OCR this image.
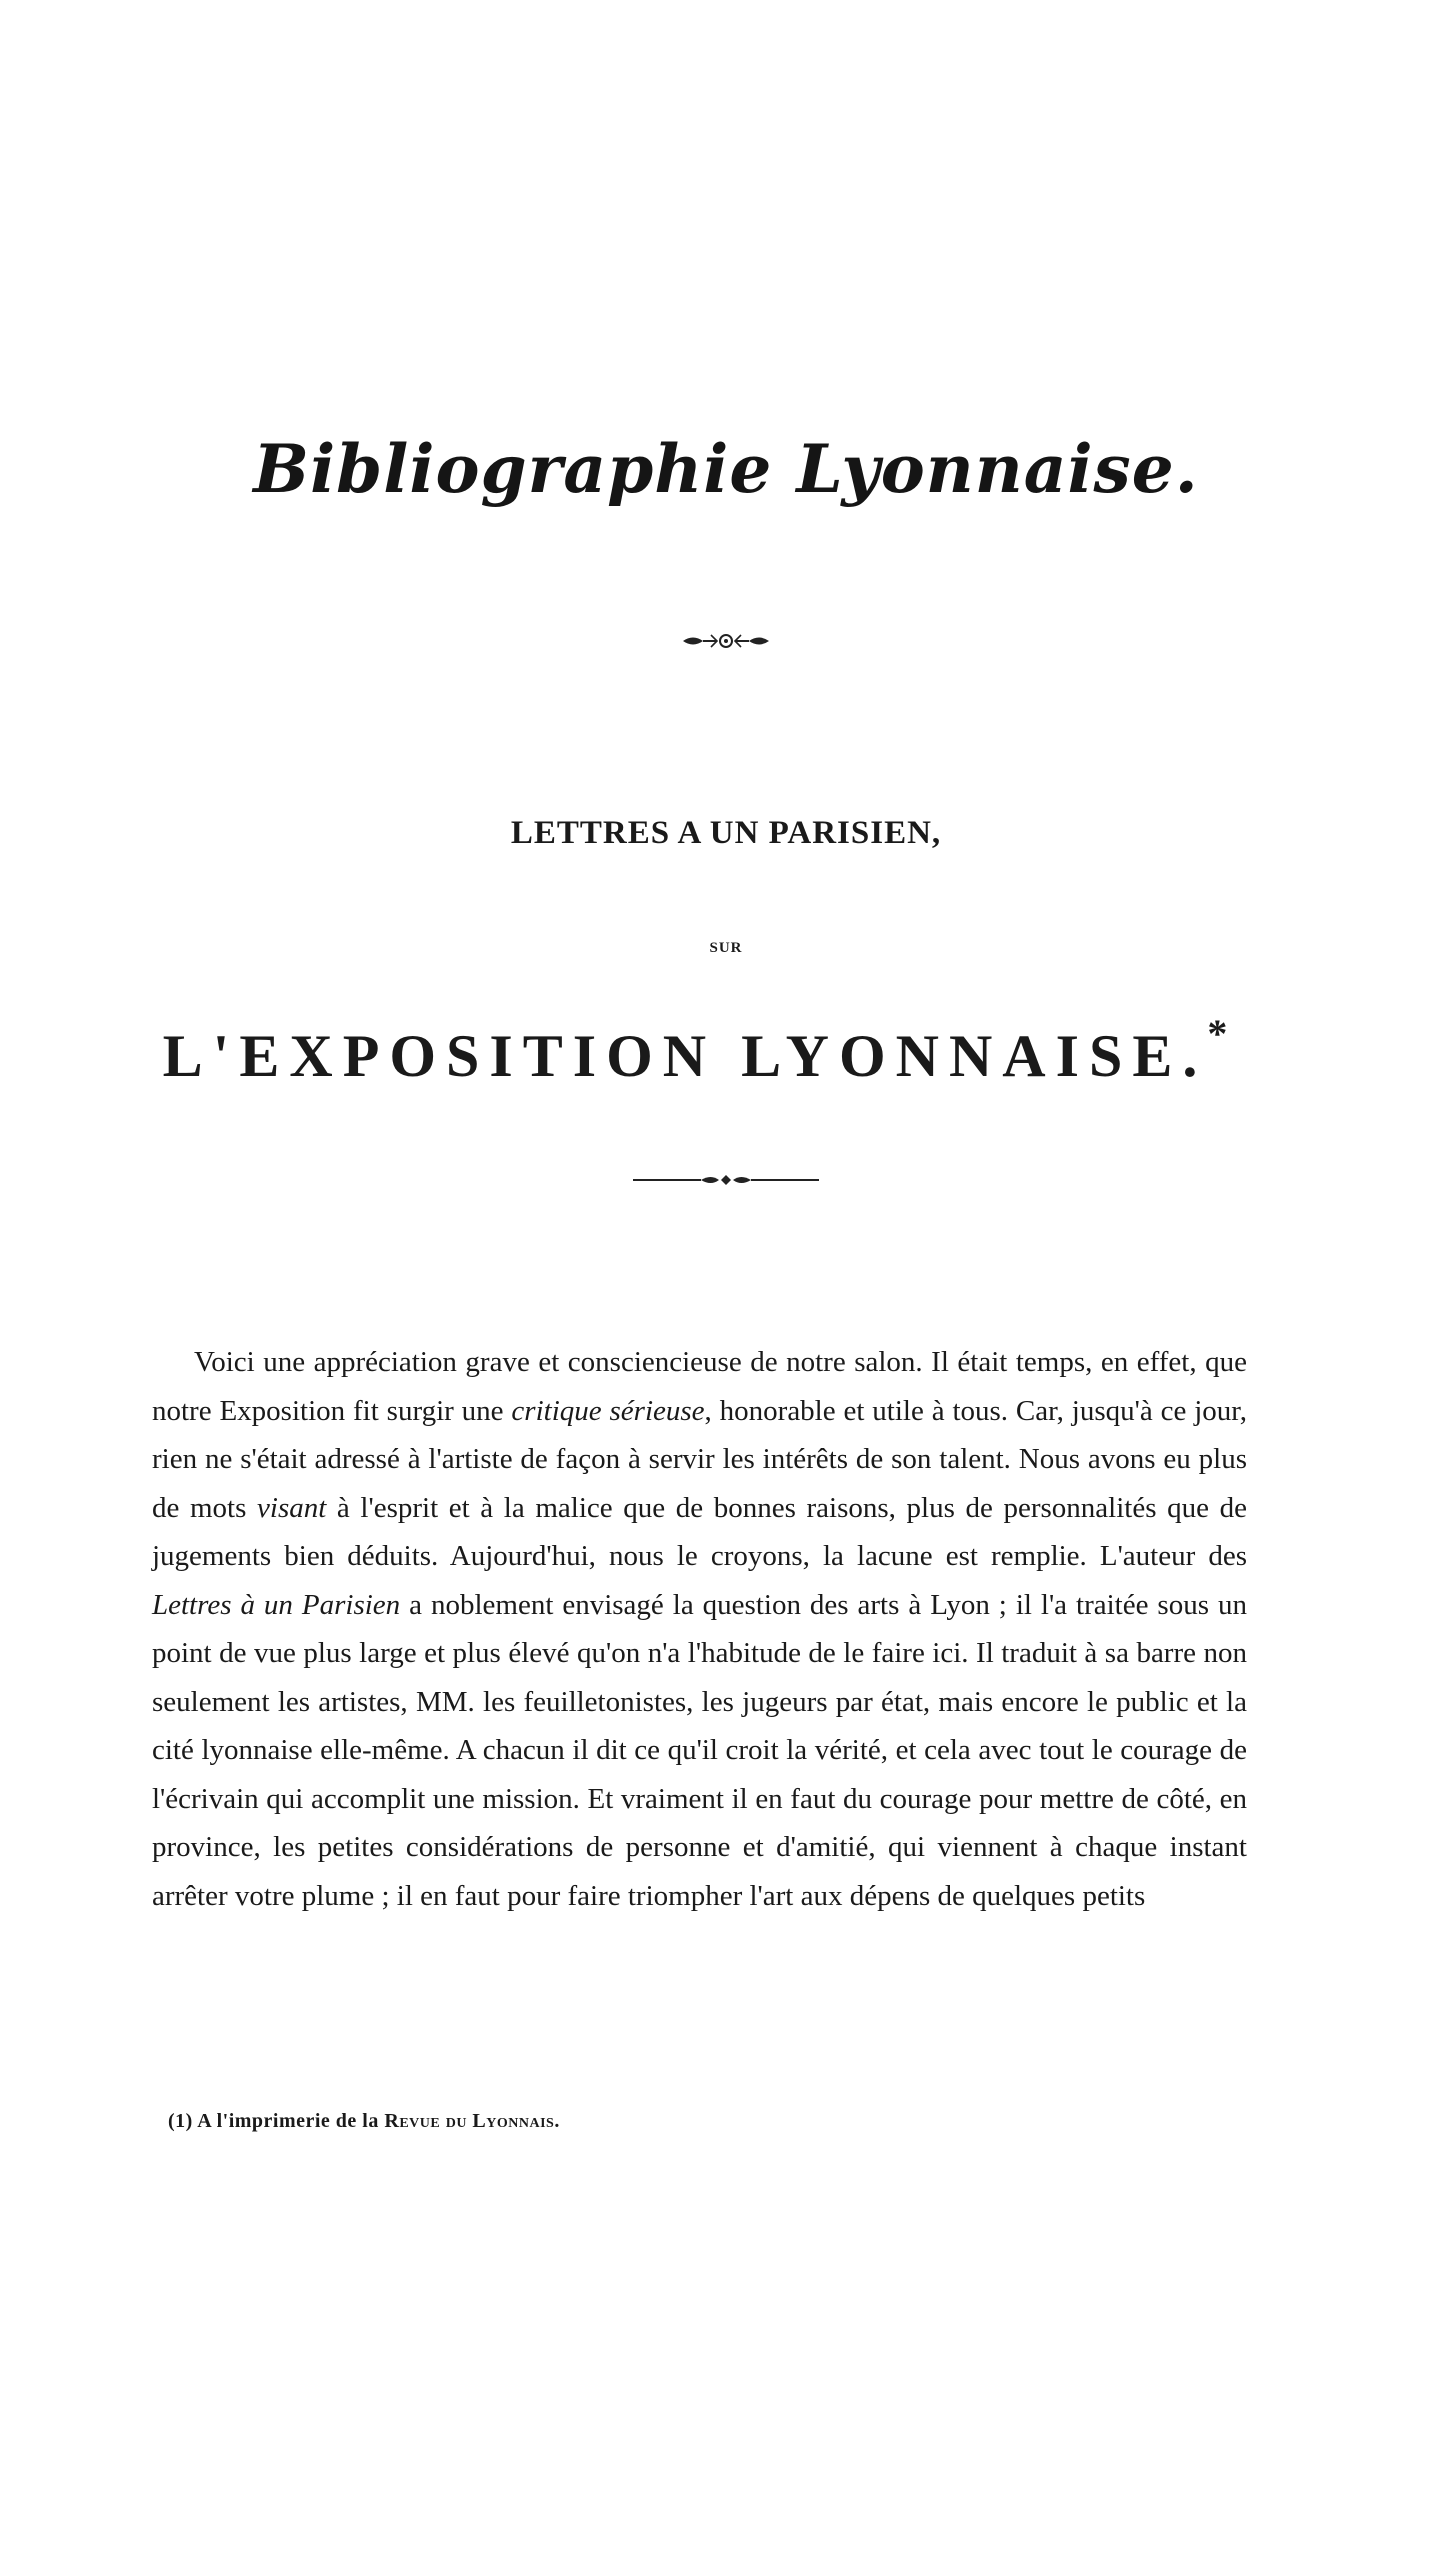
Bibliographie Lyonnaise.
LETTRES A UN PARISIEN,
SUR
L'EXPOSITION LYONNAISE.*

Voici une appréciation grave et consciencieuse de notre salon. Il était temps, en effet, que notre Exposition fit surgir une critique sérieuse, honorable et utile à tous. Car, jusqu'à ce jour, rien ne s'était adressé à l'artiste de façon à servir les intérêts de son talent. Nous avons eu plus de mots visant à l'esprit et à la malice que de bonnes raisons, plus de personnalités que de jugements bien déduits. Aujourd'hui, nous le croyons, la lacune est remplie. L'auteur des Lettres à un Parisien a noblement envisagé la question des arts à Lyon ; il l'a traitée sous un point de vue plus large et plus élevé qu'on n'a l'habitude de le faire ici. Il traduit à sa barre non seulement les artistes, MM. les feuilletonistes, les jugeurs par état, mais encore le public et la cité lyonnaise elle-même. A chacun il dit ce qu'il croit la vérité, et cela avec tout le courage de l'écrivain qui accomplit une mission. Et vraiment il en faut du courage pour mettre de côté, en province, les petites considérations de personne et d'amitié, qui viennent à chaque instant arrêter votre plume ; il en faut pour faire triompher l'art aux dépens de quelques petits

(1) A l'imprimerie de la Revue du Lyonnais.
